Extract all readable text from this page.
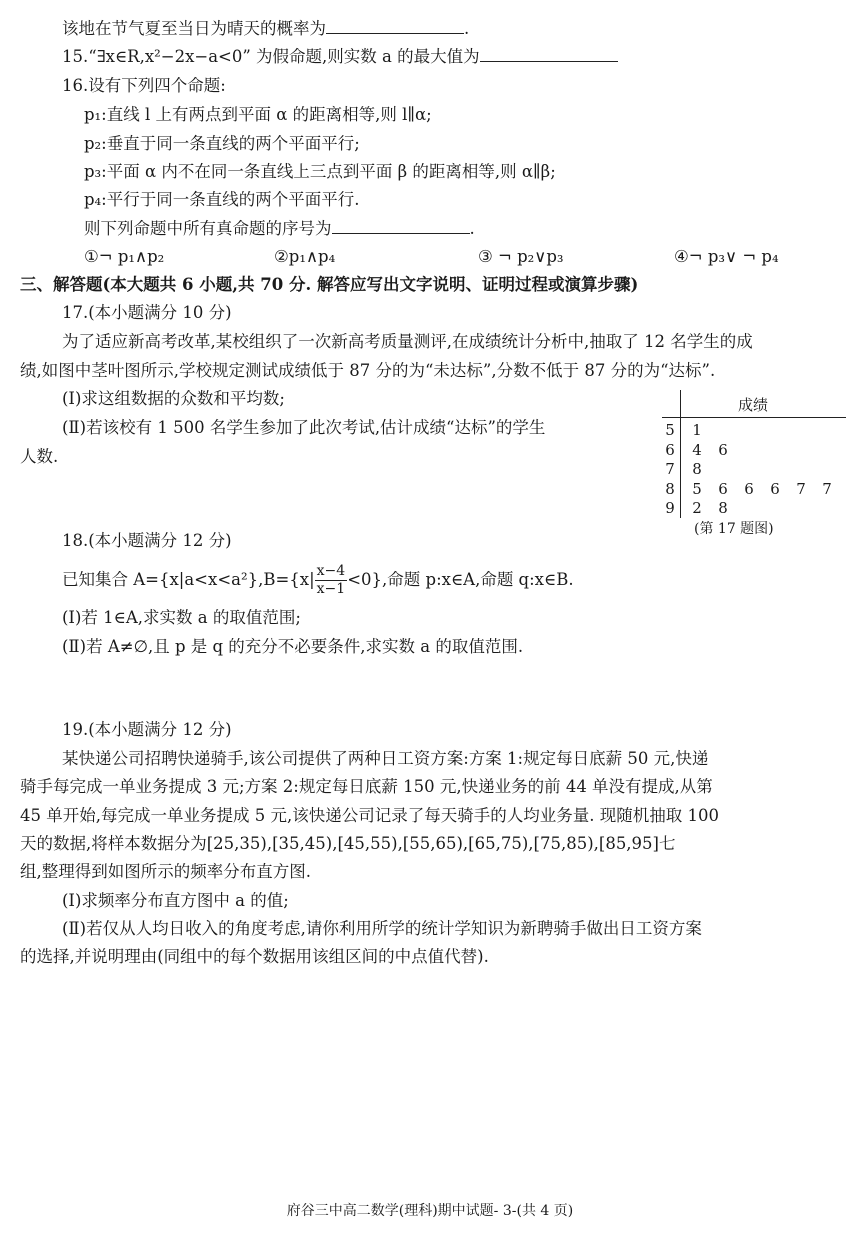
该地在节气夏至当日为晴天的概率为	.
15.“∃x∈R,x²−2x−a<0” 为假命题,则实数 a 的最大值为
16.设有下列四个命题:
p₁:直线 l 上有两点到平面 α 的距离相等,则 l∥α;
p₂:垂直于同一条直线的两个平面平行;
p₃:平面 α 内不在同一条直线上三点到平面 β 的距离相等,则 α∥β;
p₄:平行于同一条直线的两个平面平行.
则下列命题中所有真命题的序号为	.
①¬ p₁∧p₂	②p₁∧p₄	③ ¬ p₂∨p₃	④¬ p₃∨ ¬ p₄
三、解答题(本大题共 6 小题,共 70 分. 解答应写出文字说明、证明过程或演算步骤)
17.(本小题满分 10 分)
为了适应新高考改革,某校组织了一次新高考质量测评,在成绩统计分析中,抽取了 12 名学生的成
绩,如图中茎叶图所示,学校规定测试成绩低于 87 分的为“未达标”,分数不低于 87 分的为“达标”.
(Ⅰ)求这组数据的众数和平均数;
(Ⅱ)若该校有 1 500 名学生参加了此次考试,估计成绩“达标”的学生
人数.
成绩
5 1
6 4 6
7 8
8 5 6 6 6 7 7
9 2 8
(第 17 题图)
18.(本小题满分 12 分)
已知集合 $A=\{x|a<x<a^2\},B=\{x| \frac{x-4}{x-1} <0\}$,命题 p:x∈A,命题 q:x∈B.
(Ⅰ)若 1∈A,求实数 a 的取值范围;
(Ⅱ)若 A≠∅,且 p 是 q 的充分不必要条件,求实数 a 的取值范围.
19.(本小题满分 12 分)
某快递公司招聘快递骑手,该公司提供了两种日工资方案:方案 1:规定每日底薪 50 元,快递
骑手每完成一单业务提成 3 元;方案 2:规定每日底薪 150 元,快递业务的前 44 单没有提成,从第
45 单开始,每完成一单业务提成 5 元,该快递公司记录了每天骑手的人均业务量. 现随机抽取 100
天的数据,将样本数据分为[25,35),[35,45),[45,55),[55,65),[65,75),[75,85),[85,95]七
组,整理得到如图所示的频率分布直方图.
(Ⅰ)求频率分布直方图中 a 的值;
(Ⅱ)若仅从人均日收入的角度考虑,请你利用所学的统计学知识为新聘骑手做出日工资方案
的选择,并说明理由(同组中的每个数据用该组区间的中点值代替).
府谷三中高二数学(理科)期中试题- 3-(共 4 页)
